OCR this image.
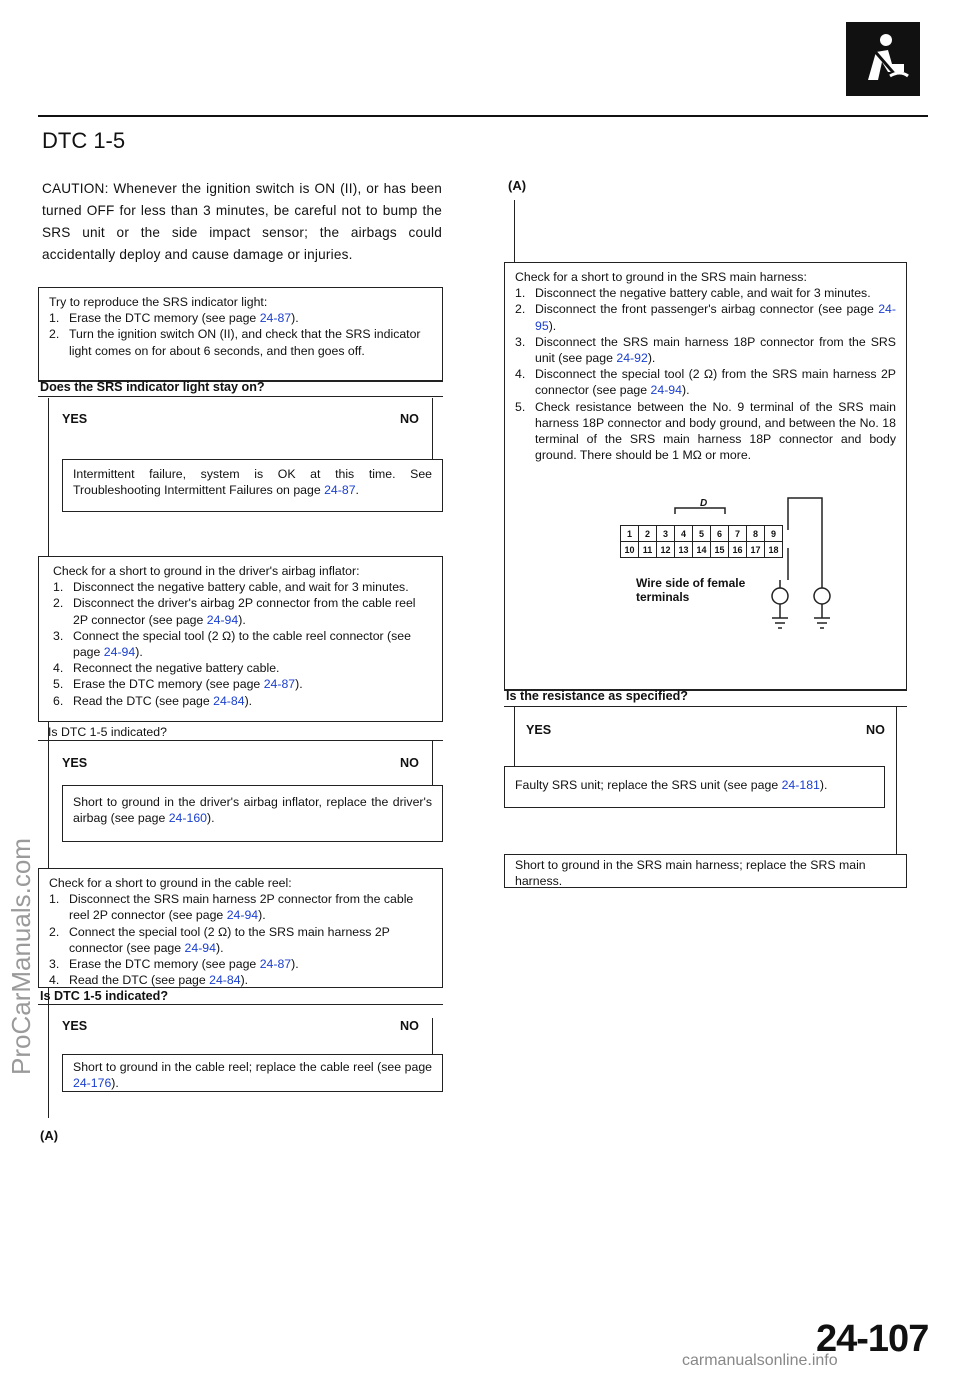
DTC 1-5
CAUTION: Whenever the ignition switch is ON (II), or has been turned OFF for less than 3 minutes, be careful not to bump the SRS unit or the side impact sensor; the airbags could accidentally deploy and cause damage or injuries.
Try to reproduce the SRS indicator light:
1. Erase the DTC memory (see page 24-87).
2. Turn the ignition switch ON (II), and check that the SRS indicator light comes on for about 6 seconds, and then goes off.
Does the SRS indicator light stay on?
YES	NO
Intermittent failure, system is OK at this time. See Troubleshooting Intermittent Failures on page 24-87.
Check for a short to ground in the driver's airbag inflator:
1. Disconnect the negative battery cable, and wait for 3 minutes.
2. Disconnect the driver's airbag 2P connector from the cable reel 2P connector (see page 24-94).
3. Connect the special tool (2 Ω) to the cable reel connector (see page 24-94).
4. Reconnect the negative battery cable.
5. Erase the DTC memory (see page 24-87).
6. Read the DTC (see page 24-84).
Is DTC 1-5 indicated?
YES	NO
Short to ground in the driver's airbag inflator, replace the driver's airbag (see page 24-160).
Check for a short to ground in the cable reel:
1. Disconnect the SRS main harness 2P connector from the cable reel 2P connector (see page 24-94).
2. Connect the special tool (2 Ω) to the SRS main harness 2P connector (see page 24-94).
3. Erase the DTC memory (see page 24-87).
4. Read the DTC (see page 24-84).
Is DTC 1-5 indicated?
YES	NO
Short to ground in the cable reel; replace the cable reel (see page 24-176).
(A)
(A)
Check for a short to ground in the SRS main harness:
1. Disconnect the negative battery cable, and wait for 3 minutes.
2. Disconnect the front passenger's airbag connector (see page 24-95).
3. Disconnect the SRS main harness 18P connector from the SRS unit (see page 24-92).
4. Disconnect the special tool (2 Ω) from the SRS main harness 2P connector (see page 24-94).
5. Check resistance between the No. 9 terminal of the SRS main harness 18P connector and body ground, and between the No. 18 terminal of the SRS main harness 18P connector and body ground. There should be 1 MΩ or more.
Is the resistance as specified?
1	2	3	4	5	6	7	8	9
10	11	12	13	14	15	16	17	18
D
Wire side of female
terminals
YES	NO
Faulty SRS unit; replace the SRS unit (see page 24-181).
Short to ground in the SRS main harness; replace the SRS main harness.
24-107
ProCarManuals.com
carmanualsonline.info
